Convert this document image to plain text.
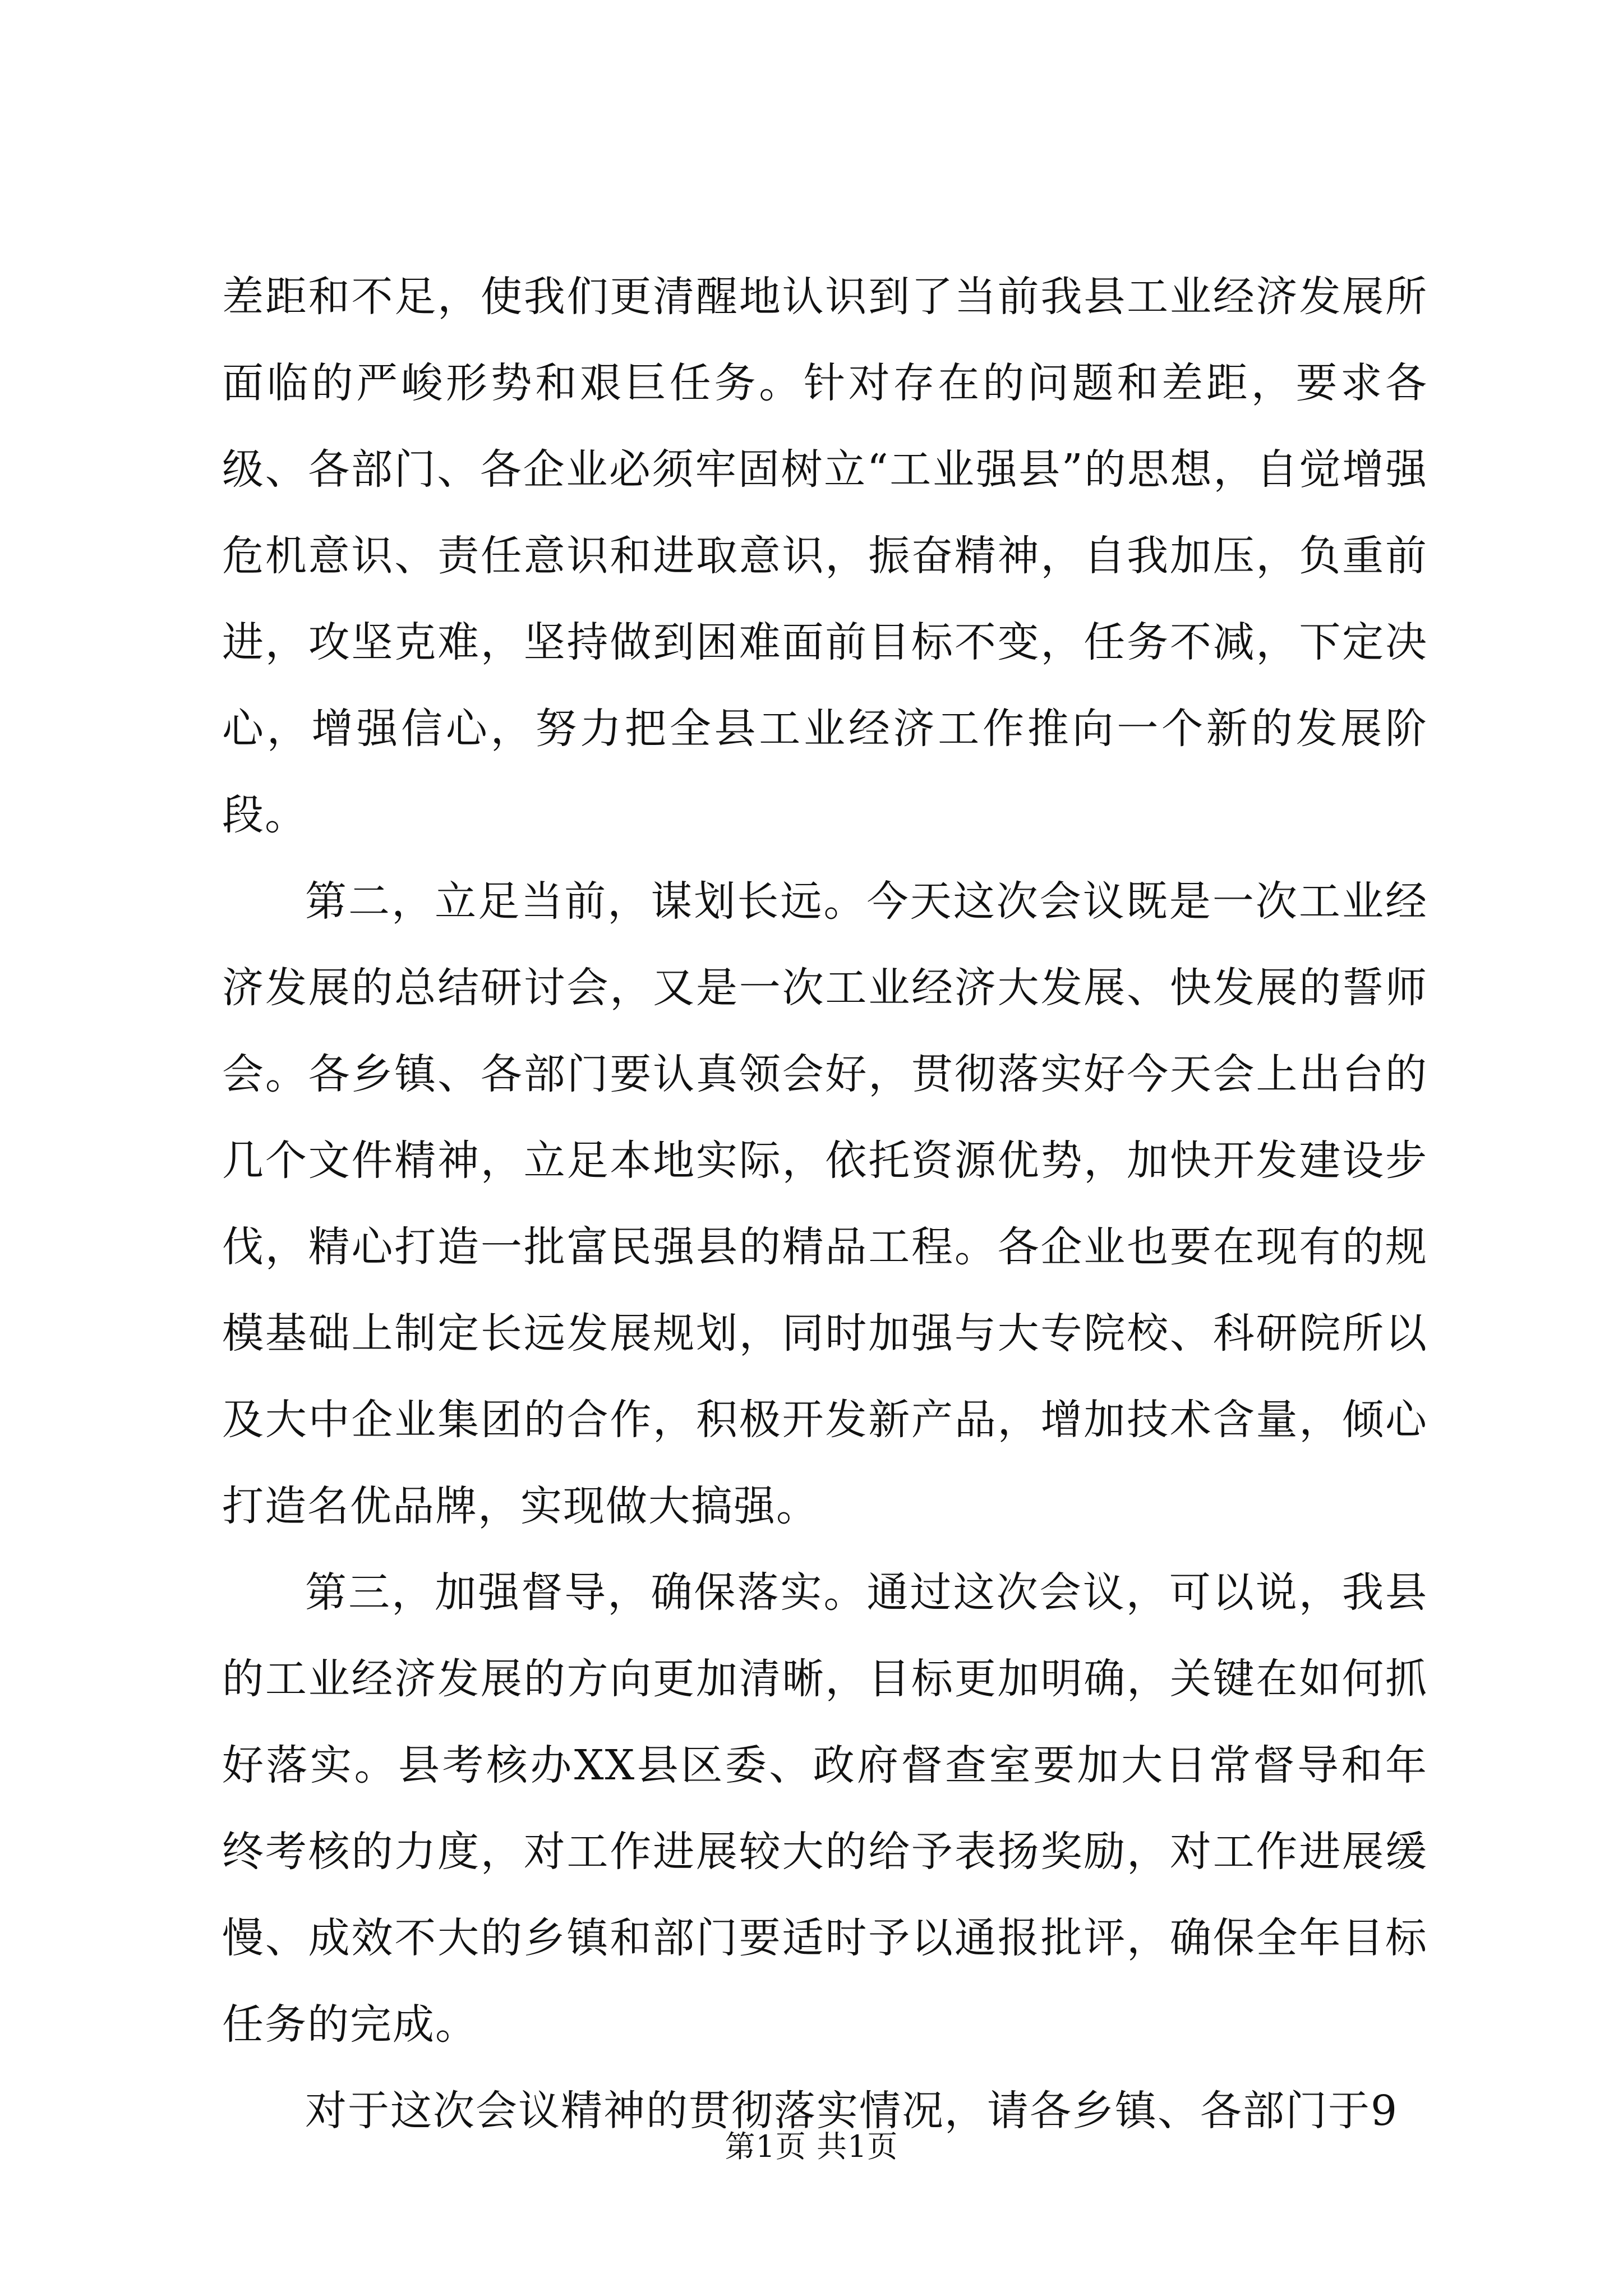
差距和不足，使我们更清醒地认识到了当前我县工业经济发展所面临的严峻形势和艰巨任务。针对存在的问题和差距，要求各级、各部门、各企业必须牢固树立“工业强县”的思想，自觉增强危机意识、责任意识和进取意识，振奋精神，自我加压，负重前进，攻坚克难，坚持做到困难面前目标不变，任务不减，下定决心，增强信心，努力把全县工业经济工作推向一个新的发展阶段。

第二，立足当前，谋划长远。今天这次会议既是一次工业经济发展的总结研讨会，又是一次工业经济大发展、快发展的誓师会。各乡镇、各部门要认真领会好，贯彻落实好今天会上出台的几个文件精神，立足本地实际，依托资源优势，加快开发建设步伐，精心打造一批富民强县的精品工程。各企业也要在现有的规模基础上制定长远发展规划，同时加强与大专院校、科研院所以及大中企业集团的合作，积极开发新产品，增加技术含量，倾心打造名优品牌，实现做大搞强。

第三，加强督导，确保落实。通过这次会议，可以说，我县的工业经济发展的方向更加清晰，目标更加明确，关键在如何抓好落实。县考核办XX县区委、政府督查室要加大日常督导和年终考核的力度，对工作进展较大的给予表扬奖励，对工作进展缓慢、成效不大的乡镇和部门要适时予以通报批评，确保全年目标任务的完成。

对于这次会议精神的贯彻落实情况，请各乡镇、各部门于9

第1页 共1页
